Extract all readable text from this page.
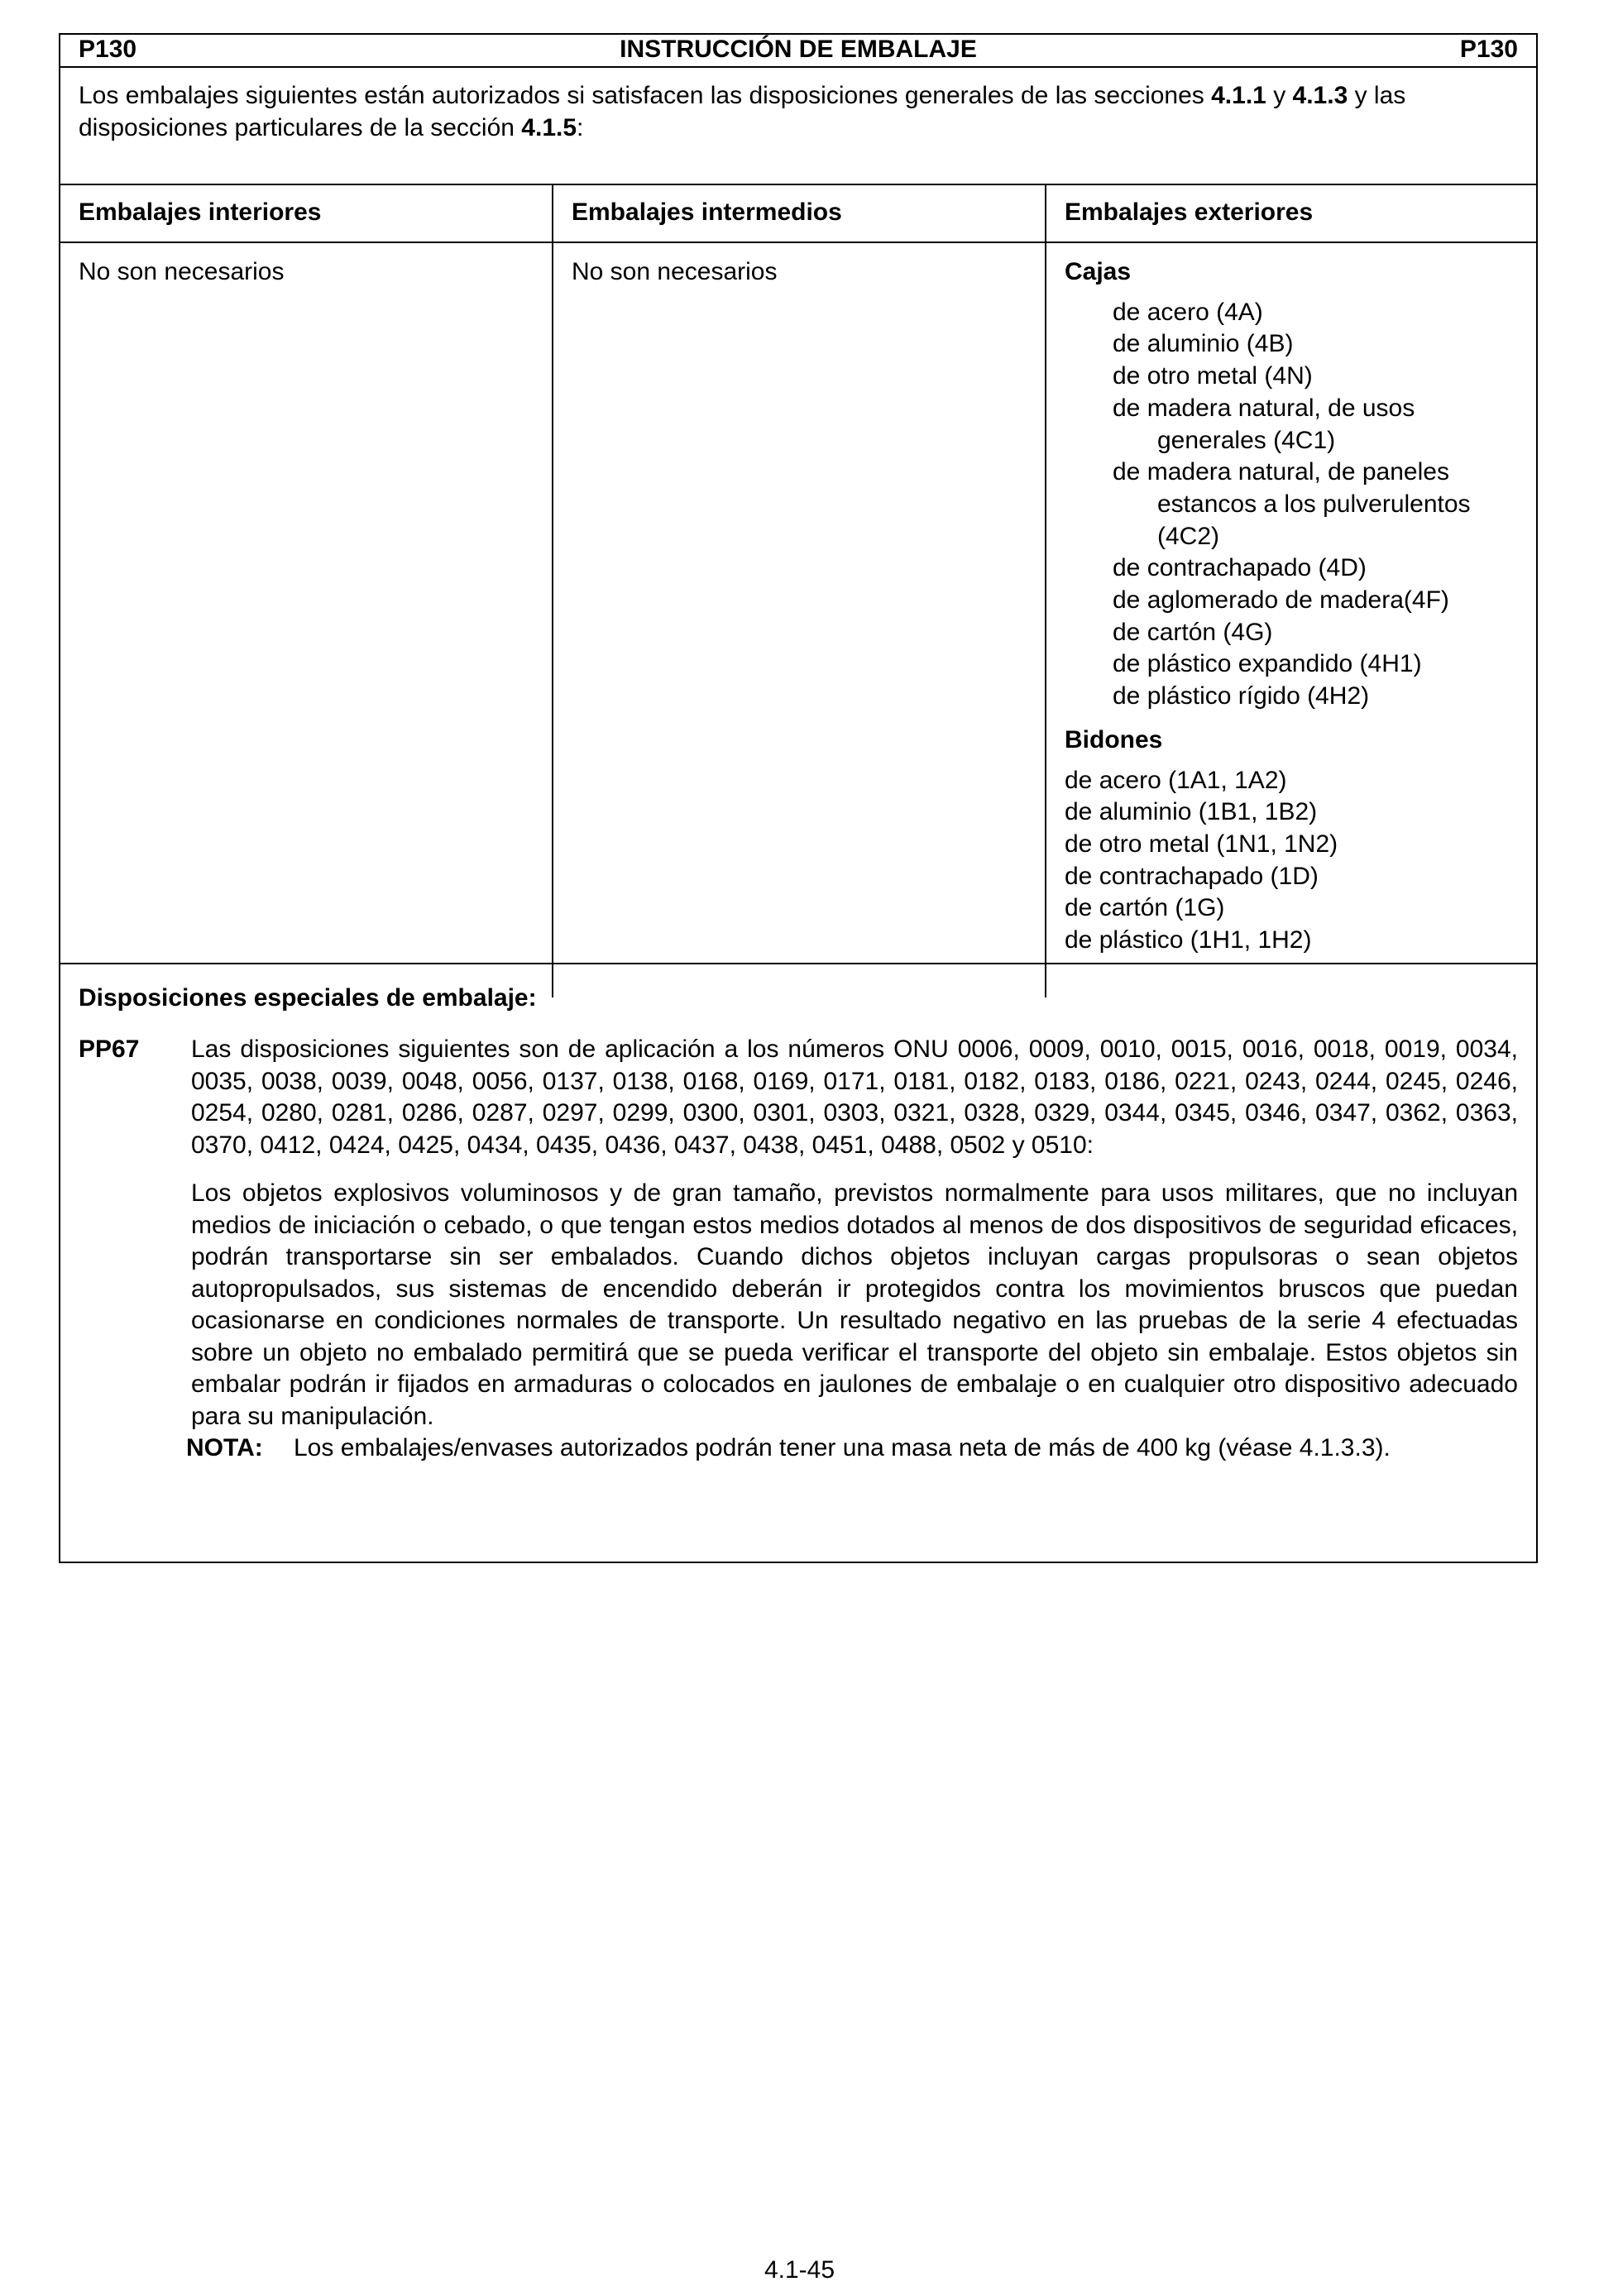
P130	INSTRUCCIÓN DE EMBALAJE	P130
Los embalajes siguientes están autorizados si satisfacen las disposiciones generales de las secciones 4.1.1 y 4.1.3 y las disposiciones particulares de la sección 4.1.5:
Embalajes interiores	Embalajes intermedios	Embalajes exteriores
No son necesarios	No son necesarios	Cajas
de acero (4A)
de aluminio (4B)
de otro metal (4N)
de madera natural, de usos
generales (4C1)
de madera natural, de paneles
estancos a los pulverulentos
(4C2)
de contrachapado (4D)
de aglomerado de madera(4F)
de cartón (4G)
de plástico expandido (4H1)
de plástico rígido (4H2)
Bidones
de acero (1A1, 1A2)
de aluminio (1B1, 1B2)
de otro metal (1N1, 1N2)
de contrachapado (1D)
de cartón (1G)
de plástico (1H1, 1H2)
Disposiciones especiales de embalaje:
PP67 Las disposiciones siguientes son de aplicación a los números ONU 0006, 0009, 0010, 0015, 0016, 0018, 0019, 0034, 0035, 0038, 0039, 0048, 0056, 0137, 0138, 0168, 0169, 0171, 0181, 0182, 0183, 0186, 0221, 0243, 0244, 0245, 0246, 0254, 0280, 0281, 0286, 0287, 0297, 0299, 0300, 0301, 0303, 0321, 0328, 0329, 0344, 0345, 0346, 0347, 0362, 0363, 0370, 0412, 0424, 0425, 0434, 0435, 0436, 0437, 0438, 0451, 0488, 0502 y 0510:

Los objetos explosivos voluminosos y de gran tamaño, previstos normalmente para usos militares, que no incluyan medios de iniciación o cebado, o que tengan estos medios dotados al menos de dos dispositivos de seguridad eficaces, podrán transportarse sin ser embalados. Cuando dichos objetos incluyan cargas propulsoras o sean objetos autopropulsados, sus sistemas de encendido deberán ir protegidos contra los movimientos bruscos que puedan ocasionarse en condiciones normales de transporte. Un resultado negativo en las pruebas de la serie 4 efectuadas sobre un objeto no embalado permitirá que se pueda verificar el transporte del objeto sin embalaje. Estos objetos sin embalar podrán ir fijados en armaduras o colocados en jaulones de embalaje o en cualquier otro dispositivo adecuado para su manipulación.

NOTA: Los embalajes/envases autorizados podrán tener una masa neta de más de 400 kg (véase 4.1.3.3).
4.1-45
